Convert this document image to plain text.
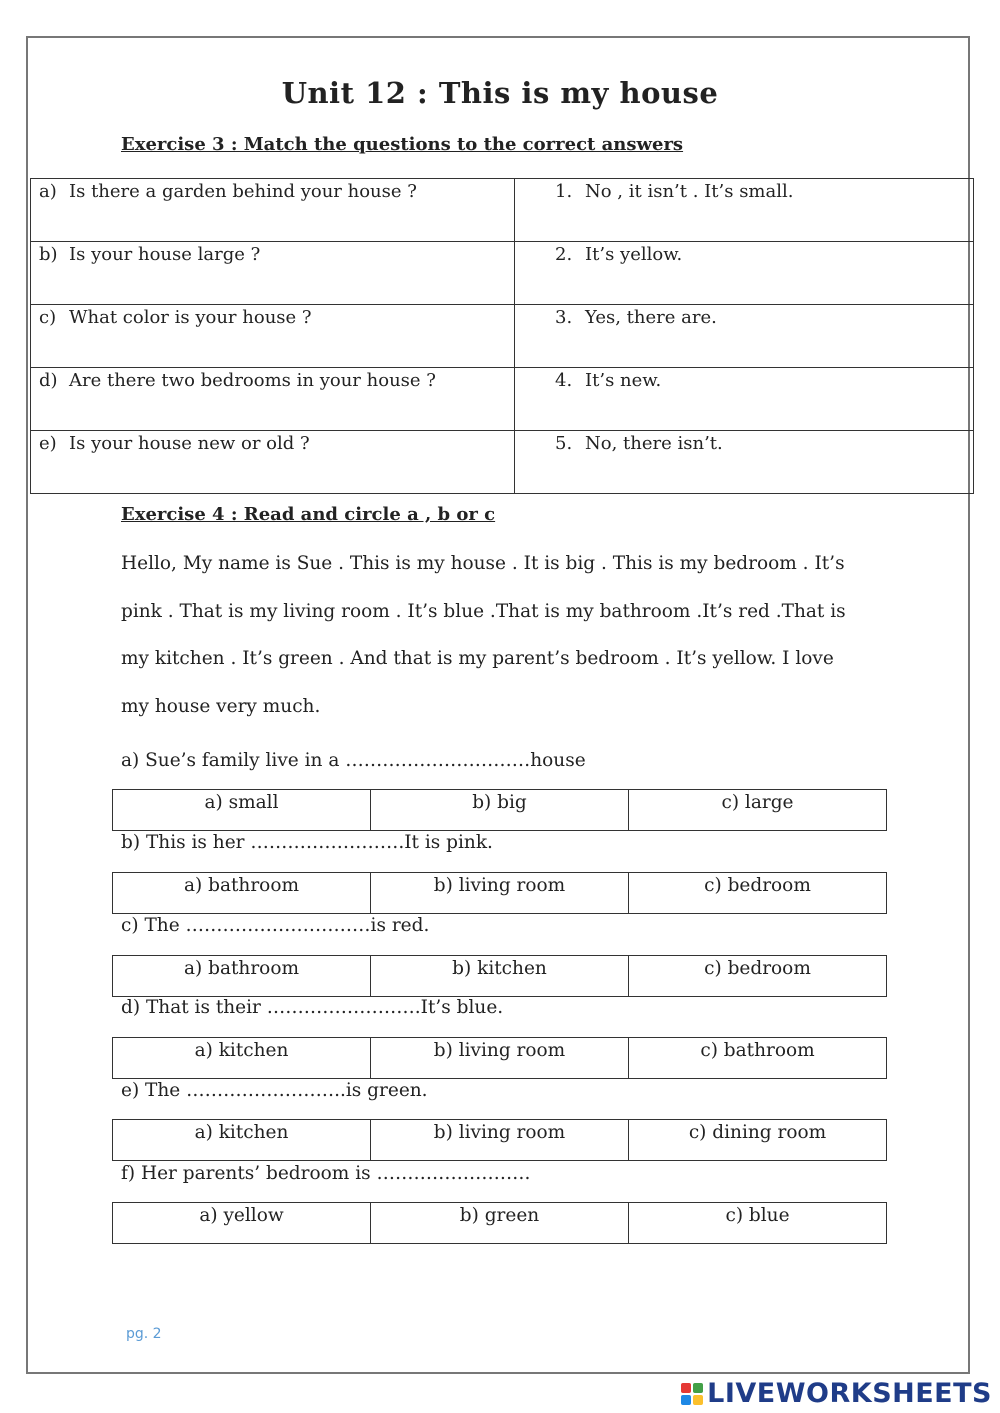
Unit 12 : This is my house
Exercise 3 : Match the questions to the correct answers
a) Is there a garden behind your house ?	1. No , it isn’t . It’s small.
b) Is your house large ?	2. It’s yellow.
c) What color is your house ?	3. Yes, there are.
d) Are there two bedrooms in your house ?	4. It’s new.
e) Is your house new or old ?	5. No, there isn’t.
Exercise 4 : Read and circle a , b or c

Hello, My name is Sue . This is my house . It is big . This is my bedroom . It’s pink . That is my living room . It’s blue .That is my bathroom .It’s red .That is my kitchen . It’s green . And that is my parent’s bedroom . It’s yellow. I love my house very much.

a) Sue’s family live in a …………………………house
a) small	b) big	c) large
b) This is her …………………….It is pink.
a) bathroom	b) living room	c) bedroom
c) The …………………………is red.
a) bathroom	b) kitchen	c) bedroom
d) That is their …………………….It’s blue.
a) kitchen	b) living room	c) bathroom
e) The ……………………..is green.
a) kitchen	b) living room	c) dining room
f) Her parents’ bedroom is …………………….
a) yellow	b) green	c) blue
pg. 2
LIVEWORKSHEETS
